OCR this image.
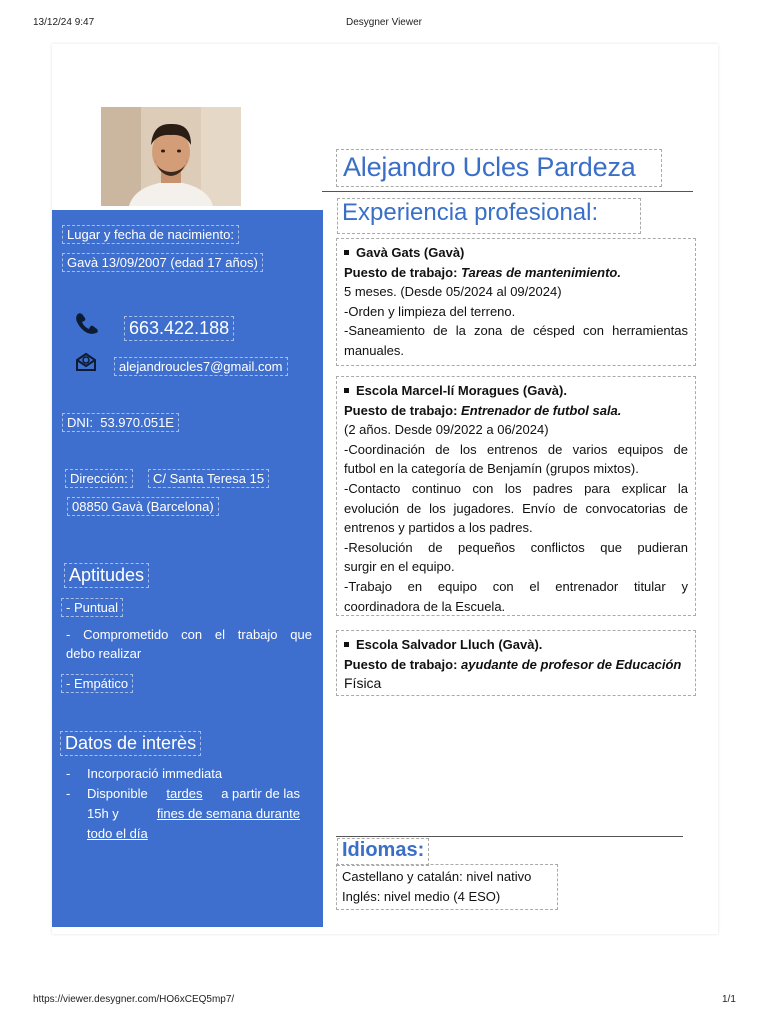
13/12/24 9:47	Desygner Viewer
https://viewer.desygner.com/HO6xCEQ5mp7/	1/1
Lugar y fecha de nacimiento:
Gavà 13/09/2007 (edad 17 años)
663.422.188
alejandroucles7@gmail.com
DNI: 53.970.051E
Dirección:	C/ Santa Teresa 15
08850 Gavà (Barcelona)
Aptitudes
- Puntual
- Comprometido con el trabajo que
debo realizar
- Empático
Datos de interès
- Incorporació immediata
- Disponible tardes a partir de las
15h y	fines de semana durante
todo el día
Alejandro Ucles Pardeza
Experiencia profesional:
Gavà Gats (Gavà)
Puesto de trabajo: Tareas de mantenimiento.
5 meses. (Desde 05/2024 al 09/2024)
-Orden y limpieza del terreno.
-Saneamiento de la zona de césped con herramientas
manuales.
Escola Marcel-lí Moragues (Gavà).
Puesto de trabajo: Entrenador de futbol sala.
(2 años. Desde 09/2022 a 06/2024)
-Coordinación de los entrenos de varios equipos de
futbol en la categoría de Benjamín (grupos mixtos).
-Contacto continuo con los padres para explicar la
evolución de los jugadores. Envío de convocatorias de
entrenos y partidos a los padres.
-Resolución de pequeños conflictos que pudieran
surgir en el equipo.
-Trabajo en equipo con el entrenador titular y
coordinadora de la Escuela.
Escola Salvador Lluch (Gavà).
Puesto de trabajo: ayudante de profesor de Educación
Física
Idiomas:
Castellano y catalán: nivel nativo
Inglés: nivel medio (4 ESO)
